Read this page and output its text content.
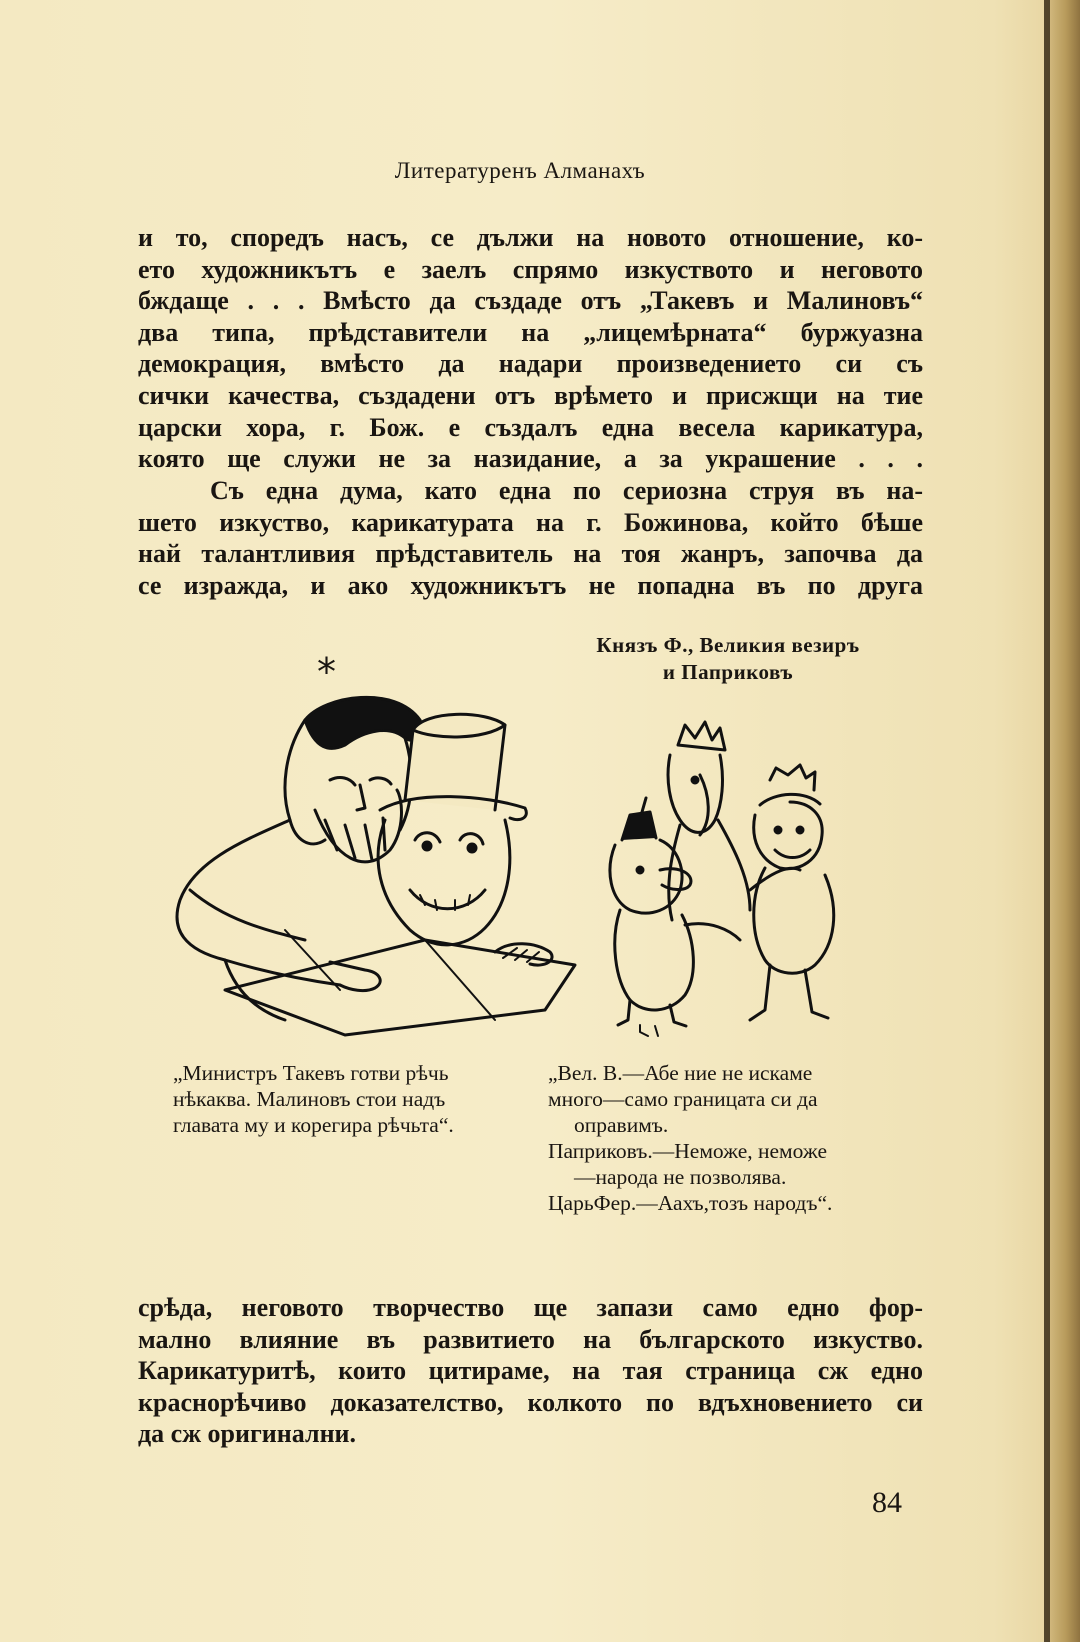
Литературенъ Алманахъ
и то, споредъ насъ, се дължи на новото отношение, ко-
ето художникътъ е заелъ спрямо изкуството и неговото
бждаще . . . Вмѣсто да създаде отъ „Такевъ и Малиновъ“
два типа, прѣдставители на „лицемѣрната“ буржуазна
демокрация, вмѣсто да надари произведението си съ
сички качества, създадени отъ врѣмето и присжщи на тие
царски хора, г. Бож. е създалъ една весела карикатура,
която ще служи не за назидание, а за украшение . . .
Съ една дума, като една по сериозна струя въ на-
шето изкуство, карикатурата на г. Божинова, който бѣше
най талантливия прѣдставитель на тоя жанръ, започва да
се изражда, и ако художникътъ не попадна въ по друга
Князъ Ф., Великия везиръ
и Паприковъ
*
„Министръ Такевъ готви рѣчь
нѣкаква. Малиновъ стои надъ
главата му и корегира рѣчьта“.
„Вел. В.—Абе ние не искаме
много—само границата си да
оправимъ.
Паприковъ.—Неможе, неможе
—народа не позволява.
ЦарьФер.—Аахъ,тозъ народъ“.
срѣда, неговото творчество ще запази само едно фор-
мално влияние въ развитието на българското изкуство.
Карикатуритѣ, които цитираме, на тая страница сж едно
краснорѣчиво доказателство, колкото по вдъхновението си
да сж оригинални.
84
